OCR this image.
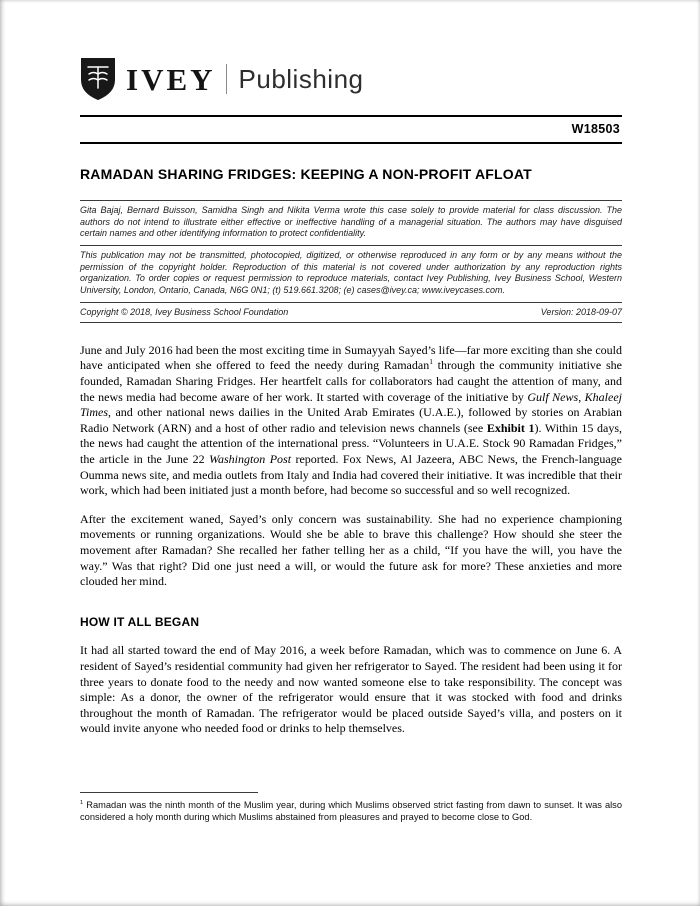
IVEY Publishing
W18503
RAMADAN SHARING FRIDGES: KEEPING A NON-PROFIT AFLOAT

Gita Bajaj, Bernard Buisson, Samidha Singh and Nikita Verma wrote this case solely to provide material for class discussion. The authors do not intend to illustrate either effective or ineffective handling of a managerial situation. The authors may have disguised certain names and other identifying information to protect confidentiality.

This publication may not be transmitted, photocopied, digitized, or otherwise reproduced in any form or by any means without the permission of the copyright holder. Reproduction of this material is not covered under authorization by any reproduction rights organization. To order copies or request permission to reproduce materials, contact Ivey Publishing, Ivey Business School, Western University, London, Ontario, Canada, N6G 0N1; (t) 519.661.3208; (e) cases@ivey.ca; www.iveycases.com.

Copyright © 2018, Ivey Business School Foundation	Version: 2018-09-07

June and July 2016 had been the most exciting time in Sumayyah Sayed’s life—far more exciting than she could have anticipated when she offered to feed the needy during Ramadan$^1$ through the community initiative she founded, Ramadan Sharing Fridges. Her heartfelt calls for collaborators had caught the attention of many, and the news media had become aware of her work. It started with coverage of the initiative by Gulf News, Khaleej Times, and other national news dailies in the United Arab Emirates (U.A.E.), followed by stories on Arabian Radio Network (ARN) and a host of other radio and television news channels (see Exhibit 1). Within 15 days, the news had caught the attention of the international press. “Volunteers in U.A.E. Stock 90 Ramadan Fridges,” the article in the June 22 Washington Post reported. Fox News, Al Jazeera, ABC News, the French-language Oumma news site, and media outlets from Italy and India had covered their initiative. It was incredible that their work, which had been initiated just a month before, had become so successful and so well recognized.

After the excitement waned, Sayed’s only concern was sustainability. She had no experience championing movements or running organizations. Would she be able to brave this challenge? How should she steer the movement after Ramadan? She recalled her father telling her as a child, “If you have the will, you have the way.” Was that right? Did one just need a will, or would the future ask for more? These anxieties and more clouded her mind.

HOW IT ALL BEGAN

It had all started toward the end of May 2016, a week before Ramadan, which was to commence on June 6. A resident of Sayed’s residential community had given her refrigerator to Sayed. The resident had been using it for three years to donate food to the needy and now wanted someone else to take responsibility. The concept was simple: As a donor, the owner of the refrigerator would ensure that it was stocked with food and drinks throughout the month of Ramadan. The refrigerator would be placed outside Sayed’s villa, and posters on it would invite anyone who needed food or drinks to help themselves.

$^1$ Ramadan was the ninth month of the Muslim year, during which Muslims observed strict fasting from dawn to sunset. It was also considered a holy month during which Muslims abstained from pleasures and prayed to become close to God.
